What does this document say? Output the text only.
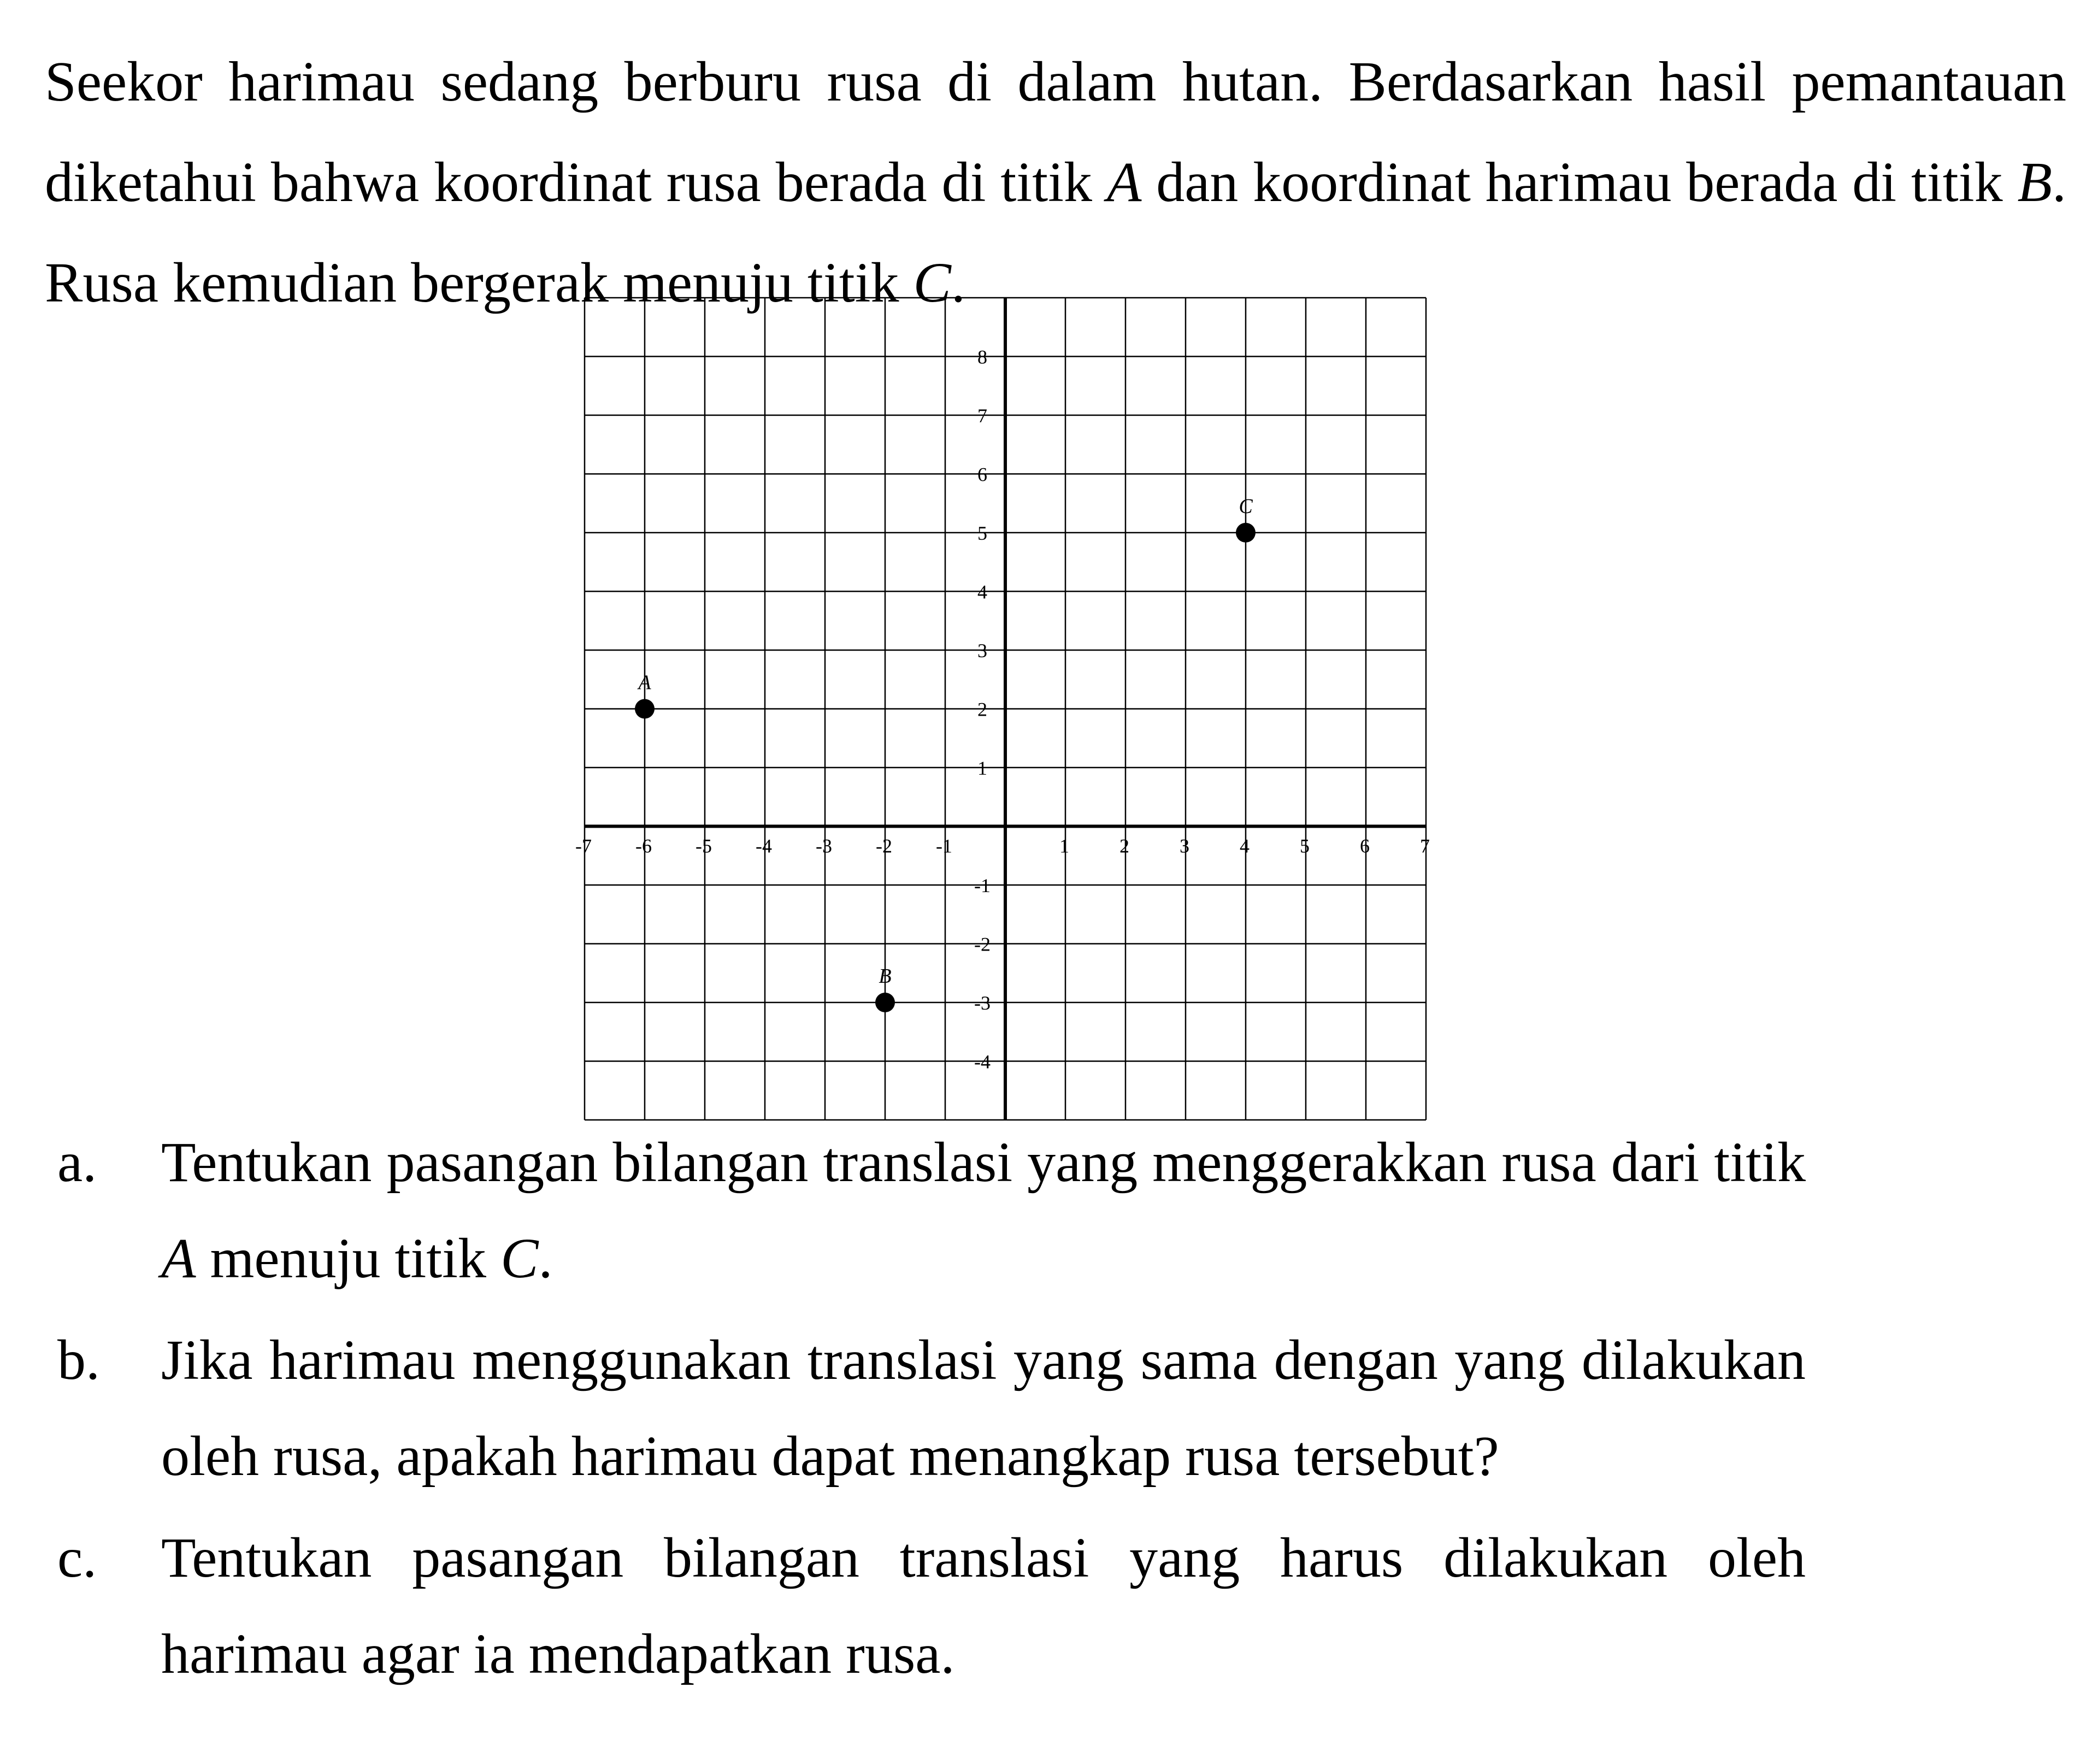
Seekor harimau sedang berburu rusa di dalam hutan. Berdasarkan hasil pemantauan diketahui bahwa koordinat rusa berada di titik A dan koordinat harimau berada di titik B. Rusa kemudian bergerak menuju titik C.

-7 -6 -5 -4 -3 -2 -1	1	2	3	4	5	6	7
8
7
6
5
4
3
2
1
-1
-2
-3
-4
A
B
C
a. Tentukan pasangan bilangan translasi yang menggerakkan rusa dari titik A menuju titik C.
b. Jika harimau menggunakan translasi yang sama dengan yang dilakukan oleh rusa, apakah harimau dapat menangkap rusa tersebut?
c. Tentukan pasangan bilangan translasi yang harus dilakukan oleh harimau agar ia mendapatkan rusa.
